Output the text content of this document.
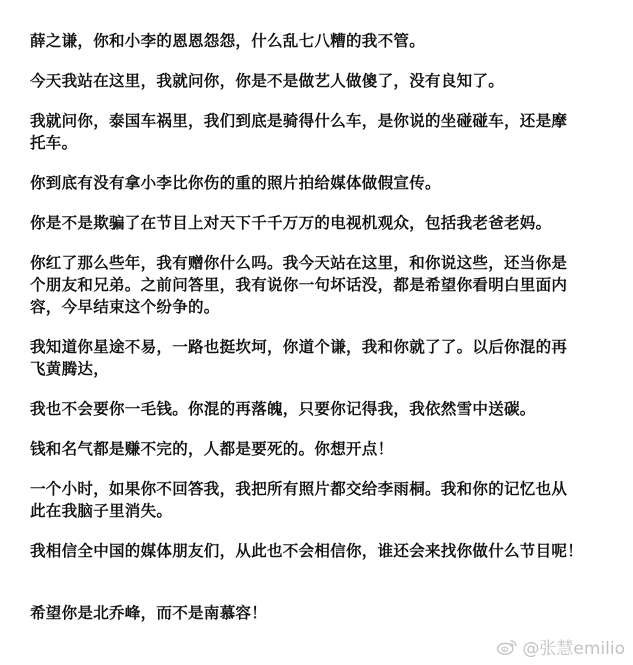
薛之谦，你和小李的恩恩怨怨，什么乱七八糟的我不管。

今天我站在这里，我就问你，你是不是做艺人做傻了，没有良知了。

我就问你，泰国车祸里，我们到底是骑得什么车，是你说的坐碰碰车，还是摩
托车。

你到底有没有拿小李比你伤的重的照片拍给媒体做假宣传。

你是不是欺骗了在节目上对天下千千万万的电视机观众，包括我老爸老妈。

你红了那么些年，我有赠你什么吗。我今天站在这里，和你说这些，还当你是
个朋友和兄弟。之前问答里，我有说你一句坏话没，都是希望你看明白里面内
容，今早结束这个纷争的。

我知道你星途不易，一路也挺坎坷，你道个谦，我和你就了了。以后你混的再
飞黄腾达，

我也不会要你一毛钱。你混的再落魄，只要你记得我，我依然雪中送碳。

钱和名气都是赚不完的，人都是要死的。你想开点！

一个小时，如果你不回答我，我把所有照片都交给李雨桐。我和你的记忆也从
此在我脑子里消失。

我相信全中国的媒体朋友们，从此也不会相信你，谁还会来找你做什么节目呢！

希望你是北乔峰，而不是南慕容！

@张慧emilio
